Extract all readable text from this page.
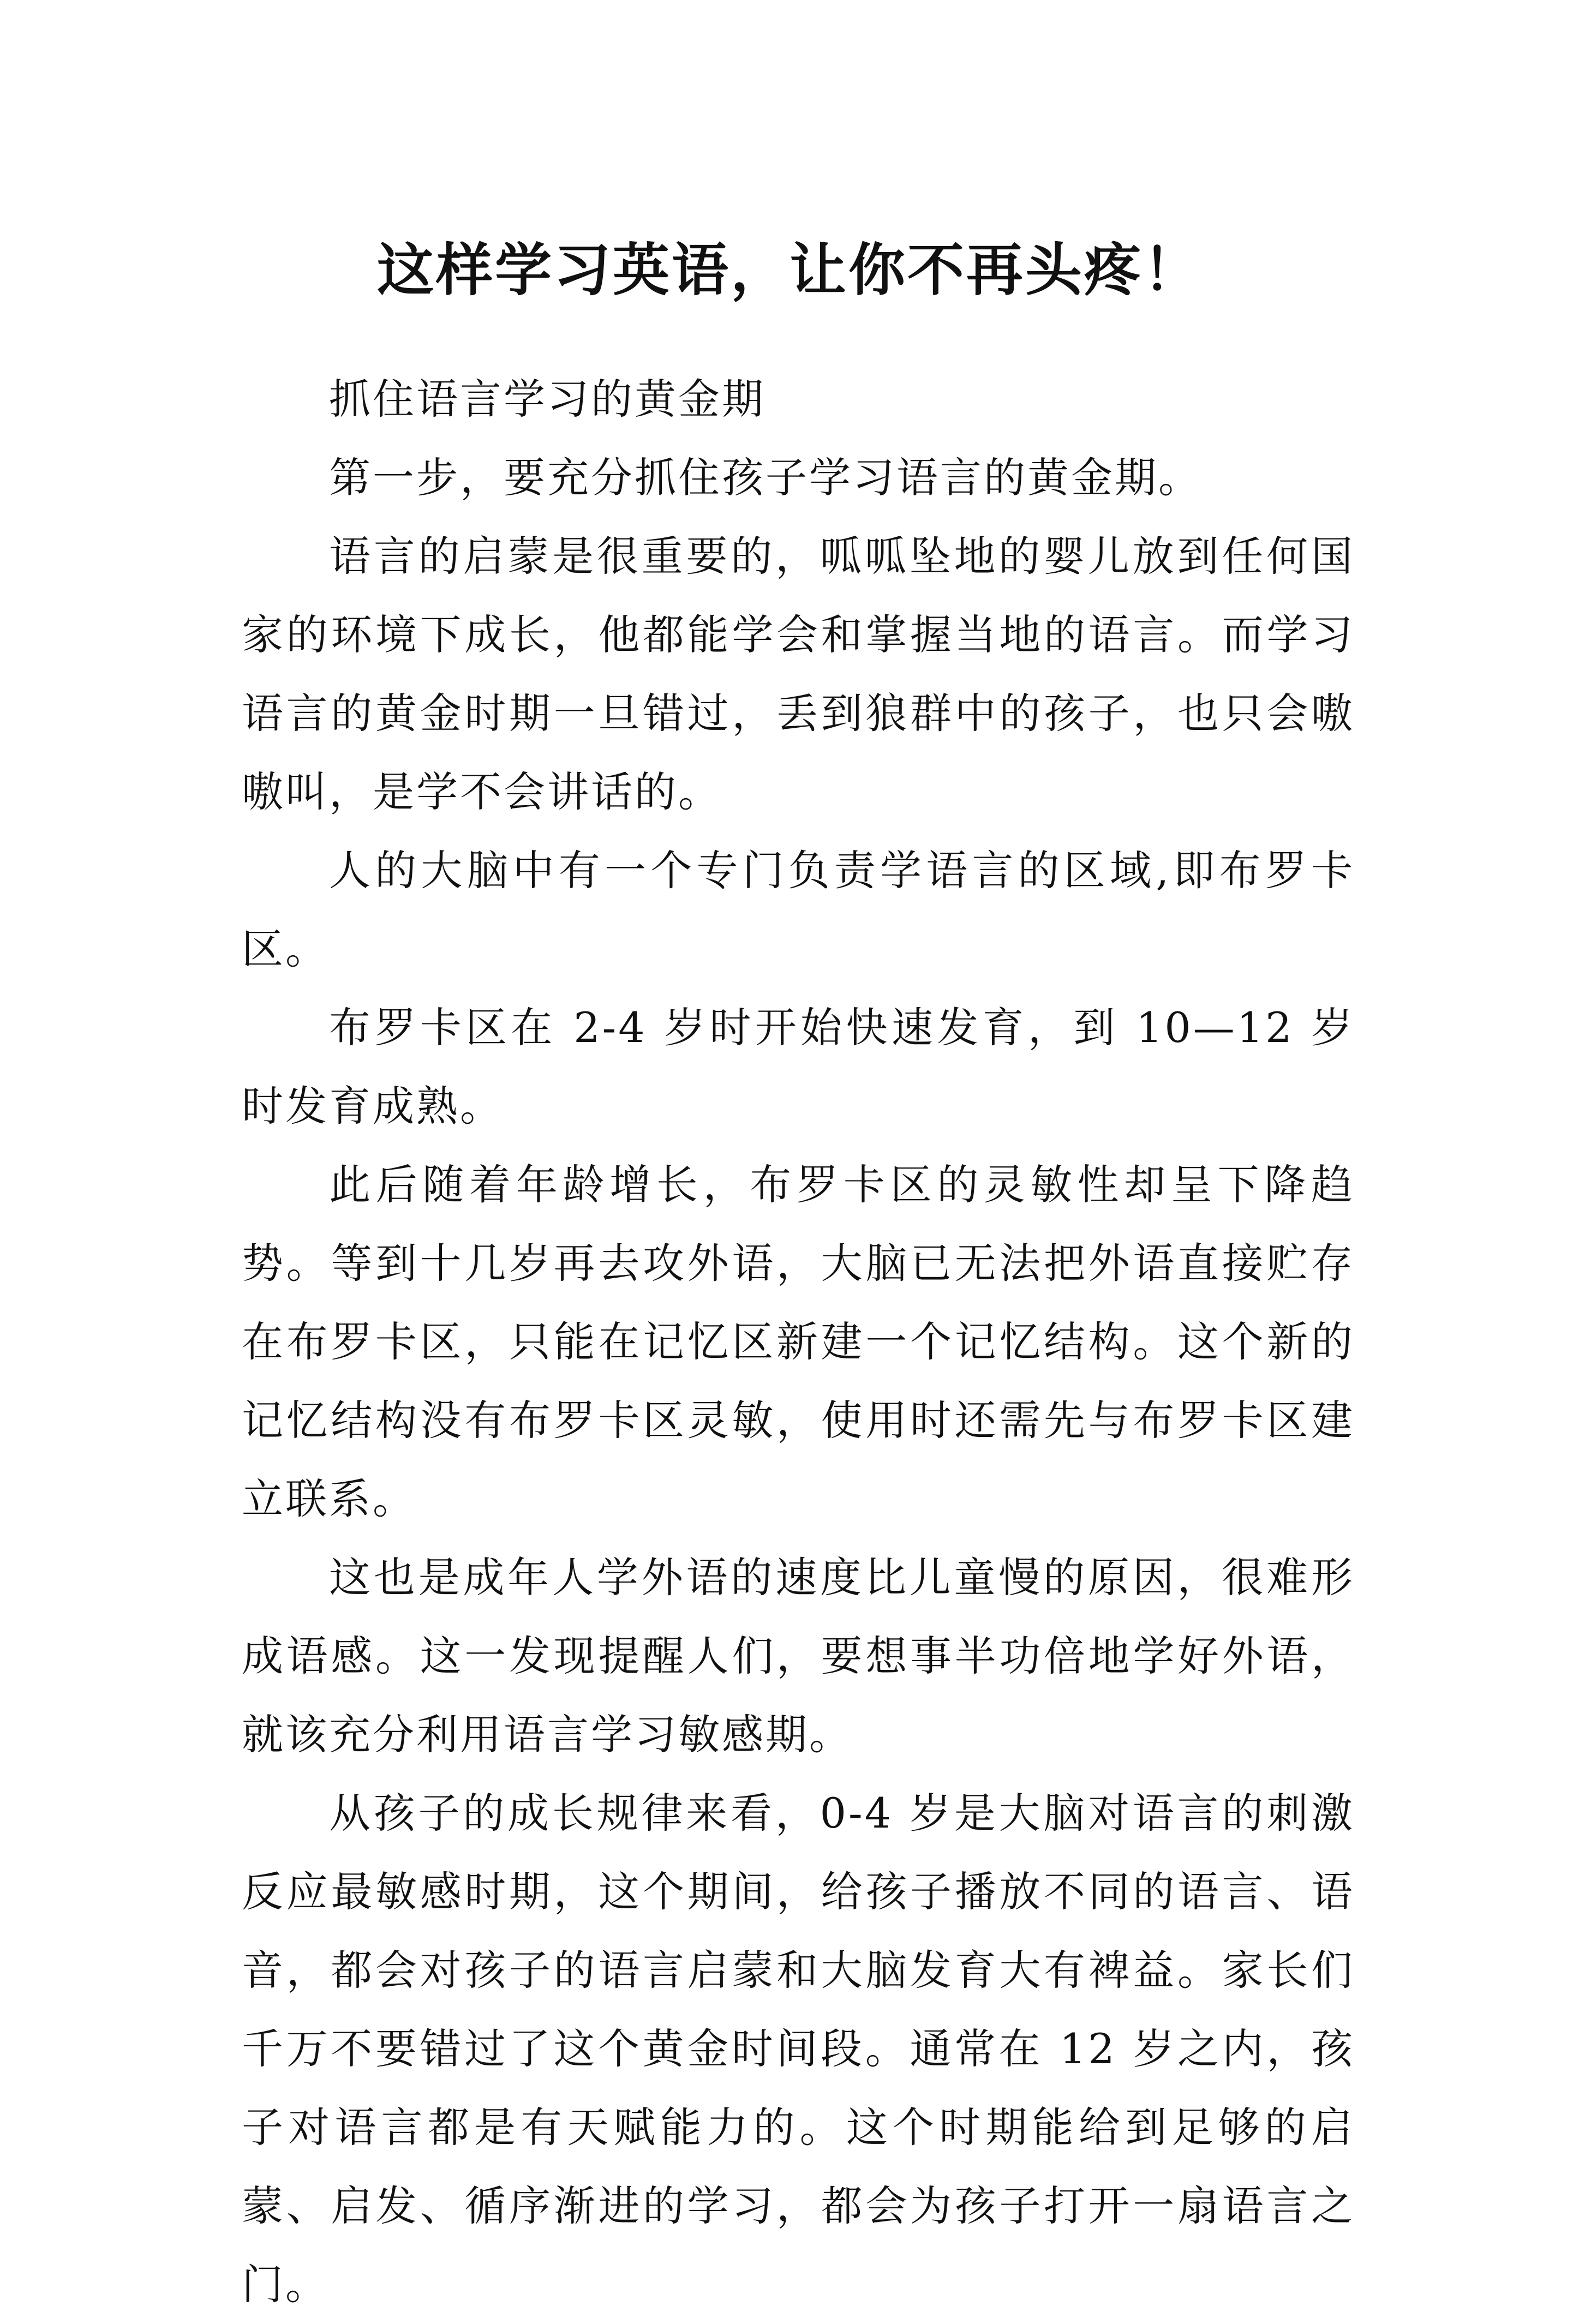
这样学习英语，让你不再头疼！

抓住语言学习的黄金期

第一步，要充分抓住孩子学习语言的黄金期。

语言的启蒙是很重要的，呱呱坠地的婴儿放到任何国家的环境下成长，他都能学会和掌握当地的语言。而学习语言的黄金时期一旦错过，丢到狼群中的孩子，也只会嗷嗷叫，是学不会讲话的。

人的大脑中有一个专门负责学语言的区域,即布罗卡区。

布罗卡区在 2-4 岁时开始快速发育，到 10—12 岁时发育成熟。

此后随着年龄增长，布罗卡区的灵敏性却呈下降趋势。等到十几岁再去攻外语，大脑已无法把外语直接贮存在布罗卡区，只能在记忆区新建一个记忆结构。这个新的记忆结构没有布罗卡区灵敏，使用时还需先与布罗卡区建立联系。

这也是成年人学外语的速度比儿童慢的原因，很难形成语感。这一发现提醒人们，要想事半功倍地学好外语，就该充分利用语言学习敏感期。

从孩子的成长规律来看，0-4 岁是大脑对语言的刺激反应最敏感时期，这个期间，给孩子播放不同的语言、语音，都会对孩子的语言启蒙和大脑发育大有裨益。家长们千万不要错过了这个黄金时间段。通常在 12 岁之内，孩子对语言都是有天赋能力的。这个时期能给到足够的启蒙、启发、循序渐进的学习，都会为孩子打开一扇语言之门。
